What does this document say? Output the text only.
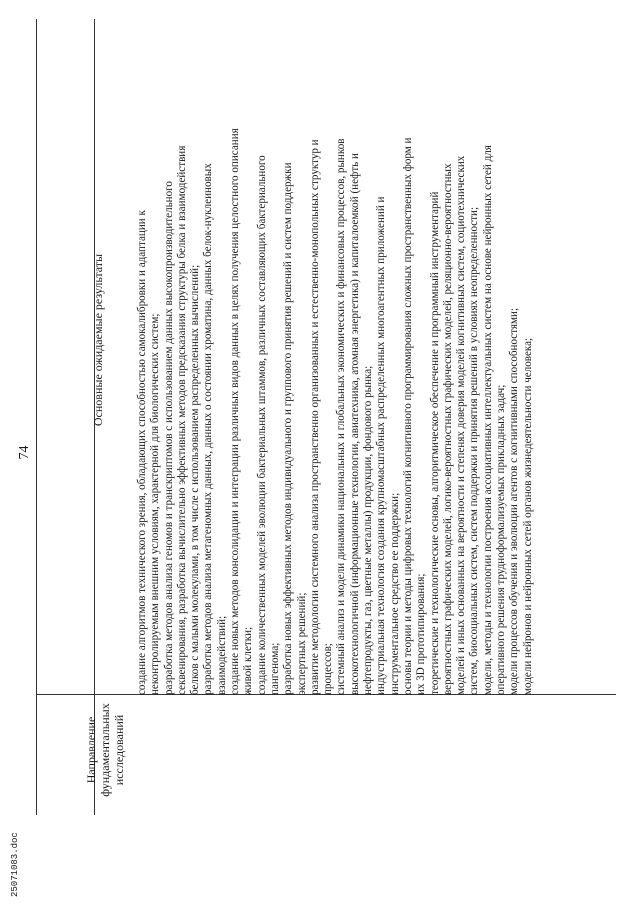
25071083.doc
74
Направление фундаментальных исследований
Основные ожидаемые результаты	создание алгоритмов технического зрения, обладающих способностью самокалибровки и адаптации к неконтролируемым внешним условиям, характерной для биологических систем; разработка методов анализа геномов и транскриптомов с использованием данных высокопроизводительного секвенирования, разработка вычислительно эффективных методов предсказания структуры белка и взаимодействия белков с малыми молекулами, в том числе с использованием распределенных вычислений; разработка методов анализа метагеномных данных, данных о состоянии хроматина, данных белок-нуклеиновых взаимодействий; создание новых методов консолидации и интеграции различных видов данных в целях получения целостного описания живой клетки; создание количественных моделей эволюции бактериальных штаммов, различных составляющих бактериального пангенома; разработка новых эффективных методов индивидуального и группового принятия решений и систем поддержки экспертных решений; развитие методологии системного анализа пространственно организованных и естественно-монопольных структур и процессов; системный анализ и модели динамики национальных и глобальных экономических и финансовых процессов, рынков высокотехнологичной (информационные технологии, авиатехника, атомная энергетика) и капиталоемкой (нефть и нефтепродукты, газ, цветные металлы) продукции, фондового рынка; индустриальная технология создания крупномасштабных распределенных многоагентных приложений и инструментальное средство ее поддержки; основы теории и методы цифровых технологий когнитивного программирования сложных пространственных форм и их 3D прототипирования; теоретические и технологические основы, алгоритмическое обеспечение и программный инструментарий вероятностных графических моделей, логико-вероятностных графических моделей, реляционно-вероятностных моделей и иных основанных на вероятности и степенях доверия моделей когнитивных систем, социотехнических систем, биосоциальных систем, систем поддержки и принятия решений в условиях неопределенности; модели, методы и технологии построения ассоциативных интеллектуальных систем на основе нейронных сетей для оперативного решения трудноформализуемых прикладных задач; модели процессов обучения и эволюции агентов с когнитивными способностями; модели нейронов и нейронных сетей органов жизнедеятельности человека;
